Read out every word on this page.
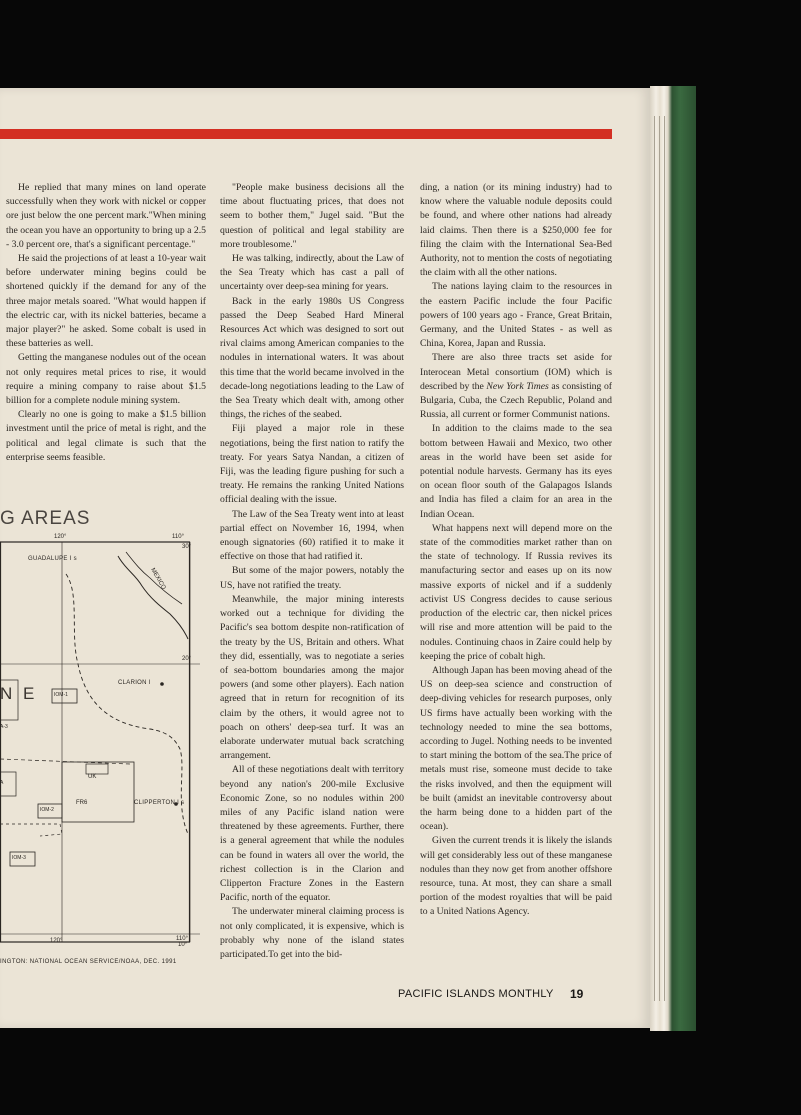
He replied that many mines on land operate successfully when they work with nickel or copper ore just below the one percent mark."When mining the ocean you have an opportunity to bring up a 2.5 - 3.0 percent ore, that's a significant percentage."

He said the projections of at least a 10-year wait before underwater mining begins could be shortened quickly if the demand for any of the three major metals soared. "What would happen if the electric car, with its nickel batteries, became a major player?" he asked. Some cobalt is used in these batteries as well.

Getting the manganese nodules out of the ocean not only requires metal prices to rise, it would require a mining company to raise about $1.5 billion for a complete nodule mining system.

Clearly no one is going to make a $1.5 billion investment until the price of metal is right, and the political and legal climate is such that the enterprise seems feasible.

"People make business decisions all the time about fluctuating prices, that does not seem to bother them," Jugel said. "But the question of political and legal stability are more troublesome."

He was talking, indirectly, about the Law of the Sea Treaty which has cast a pall of uncertainty over deep-sea mining for years.

Back in the early 1980s US Congress passed the Deep Seabed Hard Mineral Resources Act which was designed to sort out rival claims among American companies to the nodules in international waters. It was about this time that the world became involved in the decade-long negotiations leading to the Law of the Sea Treaty which dealt with, among other things, the riches of the seabed.

Fiji played a major role in these negotiations, being the first nation to ratify the treaty. For years Satya Nandan, a citizen of Fiji, was the leading figure pushing for such a treaty. He remains the ranking United Nations official dealing with the issue.

The Law of the Sea Treaty went into at least partial effect on November 16, 1994, when enough signatories (60) ratified it to make it effective on those that had ratified it.

But some of the major powers, notably the US, have not ratified the treaty.

Meanwhile, the major mining interests worked out a technique for dividing the Pacific's sea bottom despite non-ratification of the treaty by the US, Britain and others. What they did, essentially, was to negotiate a series of sea-bottom boundaries among the major powers (and some other players). Each nation agreed that in return for recognition of its claim by the others, it would agree not to poach on others' deep-sea turf. It was an elaborate underwater mutual back scratching arrangement.

All of these negotiations dealt with territory beyond any nation's 200-mile Exclusive Economic Zone, so no nodules within 200 miles of any Pacific island nation were threatened by these agreements. Further, there is a general agreement that while the nodules can be found in waters all over the world, the richest collection is in the Clarion and Clipperton Fracture Zones in the Eastern Pacific, north of the equator.

The underwater mineral claiming process is not only complicated, it is expensive, which is probably why none of the island states participated.To get into the bid-

ding, a nation (or its mining industry) had to know where the valuable nodule deposits could be found, and where other nations had already laid claims. Then there is a $250,000 fee for filing the claim with the International Sea-Bed Authority, not to mention the costs of negotiating the claim with all the other nations.

The nations laying claim to the resources in the eastern Pacific include the four Pacific powers of 100 years ago - France, Great Britain, Germany, and the United States - as well as China, Korea, Japan and Russia.

There are also three tracts set aside for Interocean Metal consortium (IOM) which is described by the New York Times as consisting of Bulgaria, Cuba, the Czech Republic, Poland and Russia, all current or former Communist nations.

In addition to the claims made to the sea bottom between Hawaii and Mexico, two other areas in the world have been set aside for potential nodule harvests. Germany has its eyes on ocean floor south of the Galapagos Islands and India has filed a claim for an area in the Indian Ocean.

What happens next will depend more on the state of the commodities market rather than on the state of technology. If Russia revives its manufacturing sector and eases up on its now massive exports of nickel and if a suddenly activist US Congress decides to cause serious production of the electric car, then nickel prices will rise and more attention will be paid to the nodules. Continuing chaos in Zaire could help by keeping the price of cobalt high.

Although Japan has been moving ahead of the US on deep-sea science and construction of deep-diving vehicles for research purposes, only US firms have actually been working with the technology needed to mine the sea bottoms, according to Jugel. Nothing needs to be invented to start mining the bottom of the sea.The price of metals must rise, someone must decide to take the risks involved, and then the equipment will be built (amidst an inevitable controversy about the harm being done to a hidden part of the ocean).

Given the current trends it is likely the islands will get considerably less out of these manganese nodules than they now get from another offshore resource, tuna. At most, they can share a small portion of the modest royalties that will be paid to a United Nations Agency.

G AREAS
120°	110°
30°
20°
10°
120°	110°
GUADALUPE I s
MEXICO
CLARION I
CLIPPERTON I s
N E	IOM-1
IOM-2
IOM-3
UK
FR6
A-3
A
INGTON: NATIONAL OCEAN SERVICE/NOAA, DEC. 1991
PACIFIC ISLANDS MONTHLY 19
